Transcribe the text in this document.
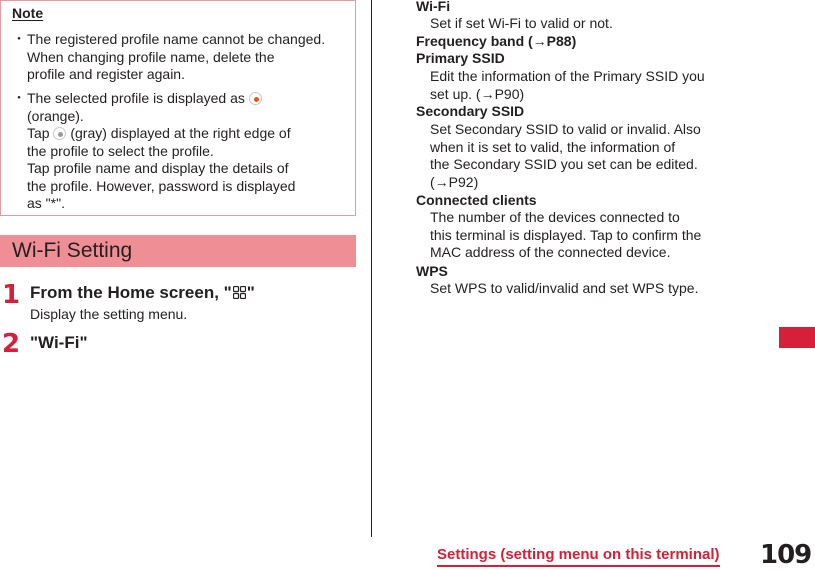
Note
・ The registered profile name cannot be changed.
When changing profile name, delete the
profile and register again.
・ The selected profile is displayed as
(orange).
Tap (gray) displayed at the right edge of
the profile to select the profile.
Tap profile name and display the details of
the profile. However, password is displayed
as "*".
Wi-Fi Setting
1 From the Home screen, " "
Display the setting menu.
2 "Wi-Fi"
Wi-Fi
Set if set Wi-Fi to valid or not.
Frequency band (→P88)
Primary SSID
Edit the information of the Primary SSID you
set up. (→P90)
Secondary SSID
Set Secondary SSID to valid or invalid. Also
when it is set to valid, the information of
the Secondary SSID you set can be edited.
(→P92)
Connected clients
The number of the devices connected to
this terminal is displayed. Tap to confirm the
MAC address of the connected device.
WPS
Set WPS to valid/invalid and set WPS type.
Settings (setting menu on this terminal) 109
